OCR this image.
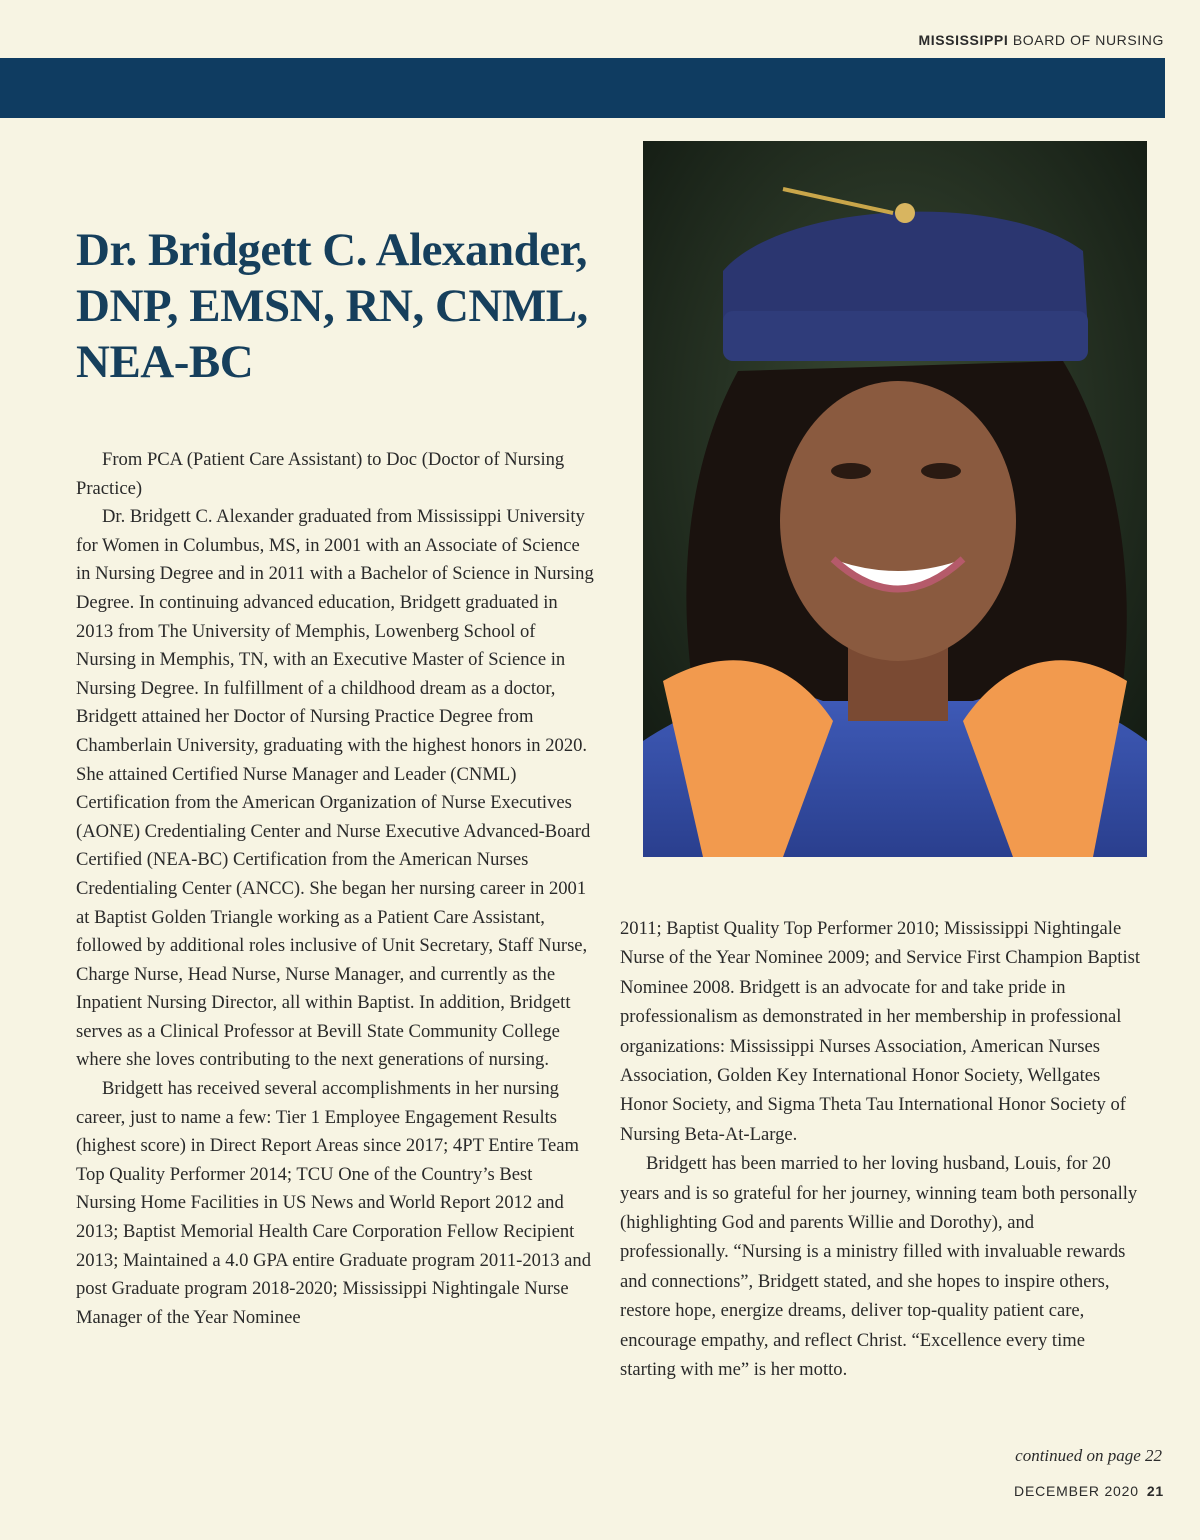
MISSISSIPPI BOARD OF NURSING
Dr. Bridgett C. Alexander, DNP, EMSN, RN, CNML, NEA-BC

From PCA (Patient Care Assistant) to Doc (Doctor of Nursing Practice)

Dr. Bridgett C. Alexander graduated from Mississippi University for Women in Columbus, MS, in 2001 with an Associate of Science in Nursing Degree and in 2011 with a Bachelor of Science in Nursing Degree. In continuing advanced education, Bridgett graduated in 2013 from The University of Memphis, Lowenberg School of Nursing in Memphis, TN, with an Executive Master of Science in Nursing Degree. In fulfillment of a childhood dream as a doctor, Bridgett attained her Doctor of Nursing Practice Degree from Chamberlain University, graduating with the highest honors in 2020. She attained Certified Nurse Manager and Leader (CNML) Certification from the American Organization of Nurse Executives (AONE) Credentialing Center and Nurse Executive Advanced-Board Certified (NEA-BC) Certification from the American Nurses Credentialing Center (ANCC). She began her nursing career in 2001 at Baptist Golden Triangle working as a Patient Care Assistant, followed by additional roles inclusive of Unit Secretary, Staff Nurse, Charge Nurse, Head Nurse, Nurse Manager, and currently as the Inpatient Nursing Director, all within Baptist. In addition, Bridgett serves as a Clinical Professor at Bevill State Community College where she loves contributing to the next generations of nursing.

Bridgett has received several accomplishments in her nursing career, just to name a few: Tier 1 Employee Engagement Results (highest score) in Direct Report Areas since 2017; 4PT Entire Team Top Quality Performer 2014; TCU One of the Country’s Best Nursing Home Facilities in US News and World Report 2012 and 2013; Baptist Memorial Health Care Corporation Fellow Recipient 2013; Maintained a 4.0 GPA entire Graduate program 2011-2013 and post Graduate program 2018-2020; Mississippi Nightingale Nurse Manager of the Year Nominee

2011; Baptist Quality Top Performer 2010; Mississippi Nightingale Nurse of the Year Nominee 2009; and Service First Champion Baptist Nominee 2008. Bridgett is an advocate for and take pride in professionalism as demonstrated in her membership in professional organizations: Mississippi Nurses Association, American Nurses Association, Golden Key International Honor Society, Wellgates Honor Society, and Sigma Theta Tau International Honor Society of Nursing Beta-At-Large.

Bridgett has been married to her loving husband, Louis, for 20 years and is so grateful for her journey, winning team both personally (highlighting God and parents Willie and Dorothy), and professionally. “Nursing is a ministry filled with invaluable rewards and connections”, Bridgett stated, and she hopes to inspire others, restore hope, energize dreams, deliver top-quality patient care, encourage empathy, and reflect Christ. “Excellence every time starting with me” is her motto.

continued on page 22
DECEMBER 2020 21
